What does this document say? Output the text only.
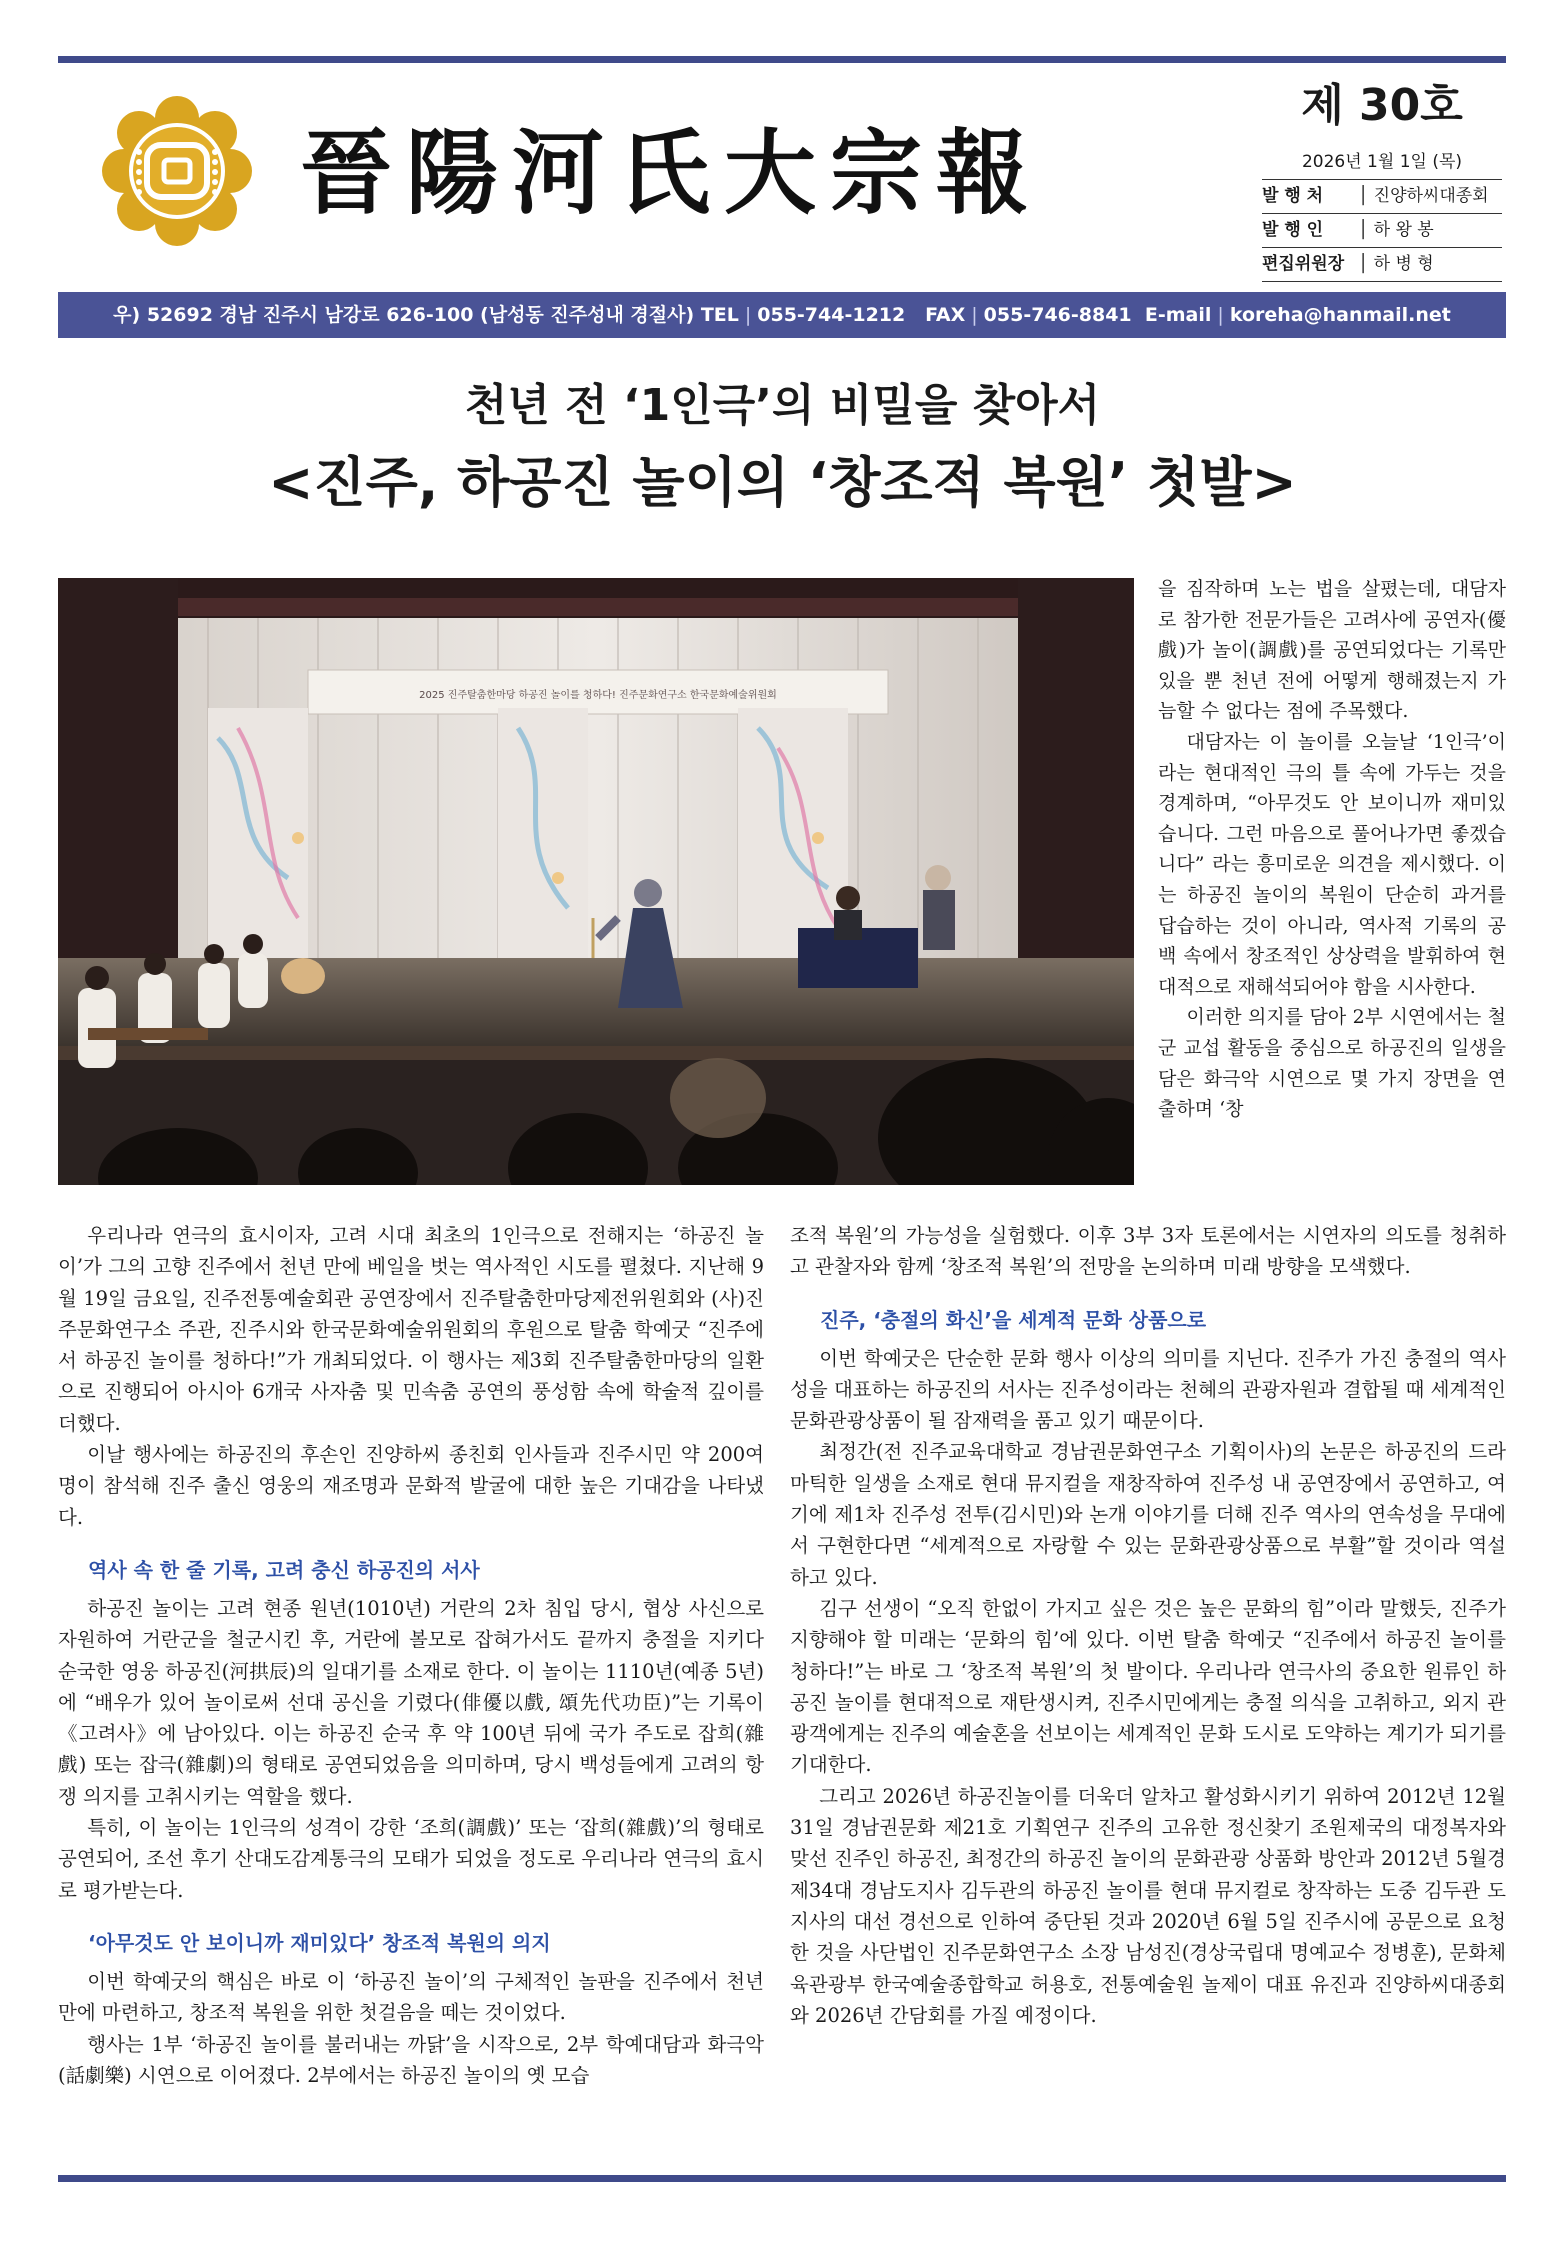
晉陽河氏大宗報
제 30호
2026년 1월 1일 (목)
발 행 처 │ 진양하씨대종회
발 행 인 │ 하 왕 봉
편집위원장 │ 하 병 형
우) 52692 경남 진주시 남강로 626-100 (남성동 진주성내 경절사) TEL | 055-744-1212 FAX | 055-746-8841 E-mail | koreha@hanmail.net
천년 전 ‘1인극’의 비밀을 찾아서
<진주, 하공진 놀이의 ‘창조적 복원’ 첫발>
2025 진주탈춤한마당 하공진 놀이를 청하다! 진주문화연구소 한국문화예술위원회

을 짐작하며 노는 법을 살폈는데, 대담자로 참가한 전문가들은 고려사에 공연자(優戲)가 놀이(調戲)를 공연되었다는 기록만 있을 뿐 천년 전에 어떻게 행해졌는지 가늠할 수 없다는 점에 주목했다.

대담자는 이 놀이를 오늘날 ‘1인극’이라는 현대적인 극의 틀 속에 가두는 것을 경계하며, “아무것도 안 보이니까 재미있습니다. 그런 마음으로 풀어나가면 좋겠습니다” 라는 흥미로운 의견을 제시했다. 이는 하공진 놀이의 복원이 단순히 과거를 답습하는 것이 아니라, 역사적 기록의 공백 속에서 창조적인 상상력을 발휘하여 현대적으로 재해석되어야 함을 시사한다.

이러한 의지를 담아 2부 시연에서는 철군 교섭 활동을 중심으로 하공진의 일생을 담은 화극악 시연으로 몇 가지 장면을 연출하며 ‘창

우리나라 연극의 효시이자, 고려 시대 최초의 1인극으로 전해지는 ‘하공진 놀이’가 그의 고향 진주에서 천년 만에 베일을 벗는 역사적인 시도를 펼쳤다. 지난해 9월 19일 금요일, 진주전통예술회관 공연장에서 진주탈춤한마당제전위원회와 (사)진주문화연구소 주관, 진주시와 한국문화예술위원회의 후원으로 탈춤 학예굿 “진주에서 하공진 놀이를 청하다!”가 개최되었다. 이 행사는 제3회 진주탈춤한마당의 일환으로 진행되어 아시아 6개국 사자춤 및 민속춤 공연의 풍성함 속에 학술적 깊이를 더했다.

이날 행사에는 하공진의 후손인 진양하씨 종친회 인사들과 진주시민 약 200여 명이 참석해 진주 출신 영웅의 재조명과 문화적 발굴에 대한 높은 기대감을 나타냈다.

역사 속 한 줄 기록, 고려 충신 하공진의 서사

하공진 놀이는 고려 현종 원년(1010년) 거란의 2차 침입 당시, 협상 사신으로 자원하여 거란군을 철군시킨 후, 거란에 볼모로 잡혀가서도 끝까지 충절을 지키다 순국한 영웅 하공진(河拱辰)의 일대기를 소재로 한다. 이 놀이는 1110년(예종 5년)에 “배우가 있어 놀이로써 선대 공신을 기렸다(俳優以戲, 頌先代功臣)”는 기록이 《고려사》에 남아있다. 이는 하공진 순국 후 약 100년 뒤에 국가 주도로 잡희(雜戲) 또는 잡극(雜劇)의 형태로 공연되었음을 의미하며, 당시 백성들에게 고려의 항쟁 의지를 고취시키는 역할을 했다.

특히, 이 놀이는 1인극의 성격이 강한 ‘조희(調戲)’ 또는 ‘잡희(雜戲)’의 형태로 공연되어, 조선 후기 산대도감계통극의 모태가 되었을 정도로 우리나라 연극의 효시로 평가받는다.

‘아무것도 안 보이니까 재미있다’ 창조적 복원의 의지

이번 학예굿의 핵심은 바로 이 ‘하공진 놀이’의 구체적인 놀판을 진주에서 천년 만에 마련하고, 창조적 복원을 위한 첫걸음을 떼는 것이었다.

행사는 1부 ‘하공진 놀이를 불러내는 까닭’을 시작으로, 2부 학예대담과 화극악(話劇樂) 시연으로 이어졌다. 2부에서는 하공진 놀이의 옛 모습

조적 복원’의 가능성을 실험했다. 이후 3부 3자 토론에서는 시연자의 의도를 청취하고 관찰자와 함께 ‘창조적 복원’의 전망을 논의하며 미래 방향을 모색했다.

진주, ‘충절의 화신’을 세계적 문화 상품으로

이번 학예굿은 단순한 문화 행사 이상의 의미를 지닌다. 진주가 가진 충절의 역사성을 대표하는 하공진의 서사는 진주성이라는 천혜의 관광자원과 결합될 때 세계적인 문화관광상품이 될 잠재력을 품고 있기 때문이다.

최정간(전 진주교육대학교 경남권문화연구소 기획이사)의 논문은 하공진의 드라마틱한 일생을 소재로 현대 뮤지컬을 재창작하여 진주성 내 공연장에서 공연하고, 여기에 제1차 진주성 전투(김시민)와 논개 이야기를 더해 진주 역사의 연속성을 무대에서 구현한다면 “세계적으로 자랑할 수 있는 문화관광상품으로 부활”할 것이라 역설하고 있다.

김구 선생이 “오직 한없이 가지고 싶은 것은 높은 문화의 힘”이라 말했듯, 진주가 지향해야 할 미래는 ‘문화의 힘’에 있다. 이번 탈춤 학예굿 “진주에서 하공진 놀이를 청하다!”는 바로 그 ‘창조적 복원’의 첫 발이다. 우리나라 연극사의 중요한 원류인 하공진 놀이를 현대적으로 재탄생시켜, 진주시민에게는 충절 의식을 고취하고, 외지 관광객에게는 진주의 예술혼을 선보이는 세계적인 문화 도시로 도약하는 계기가 되기를 기대한다.

그리고 2026년 하공진놀이를 더욱더 알차고 활성화시키기 위하여 2012년 12월 31일 경남권문화 제21호 기획연구 진주의 고유한 정신찾기 조원제국의 대정복자와 맞선 진주인 하공진, 최정간의 하공진 놀이의 문화관광 상품화 방안과 2012년 5월경 제34대 경남도지사 김두관의 하공진 놀이를 현대 뮤지컬로 창작하는 도중 김두관 도지사의 대선 경선으로 인하여 중단된 것과 2020년 6월 5일 진주시에 공문으로 요청한 것을 사단법인 진주문화연구소 소장 남성진(경상국립대 명예교수 정병훈), 문화체육관광부 한국예술종합학교 허용호, 전통예술원 놀제이 대표 유진과 진양하씨대종회와 2026년 간담회를 가질 예정이다.
